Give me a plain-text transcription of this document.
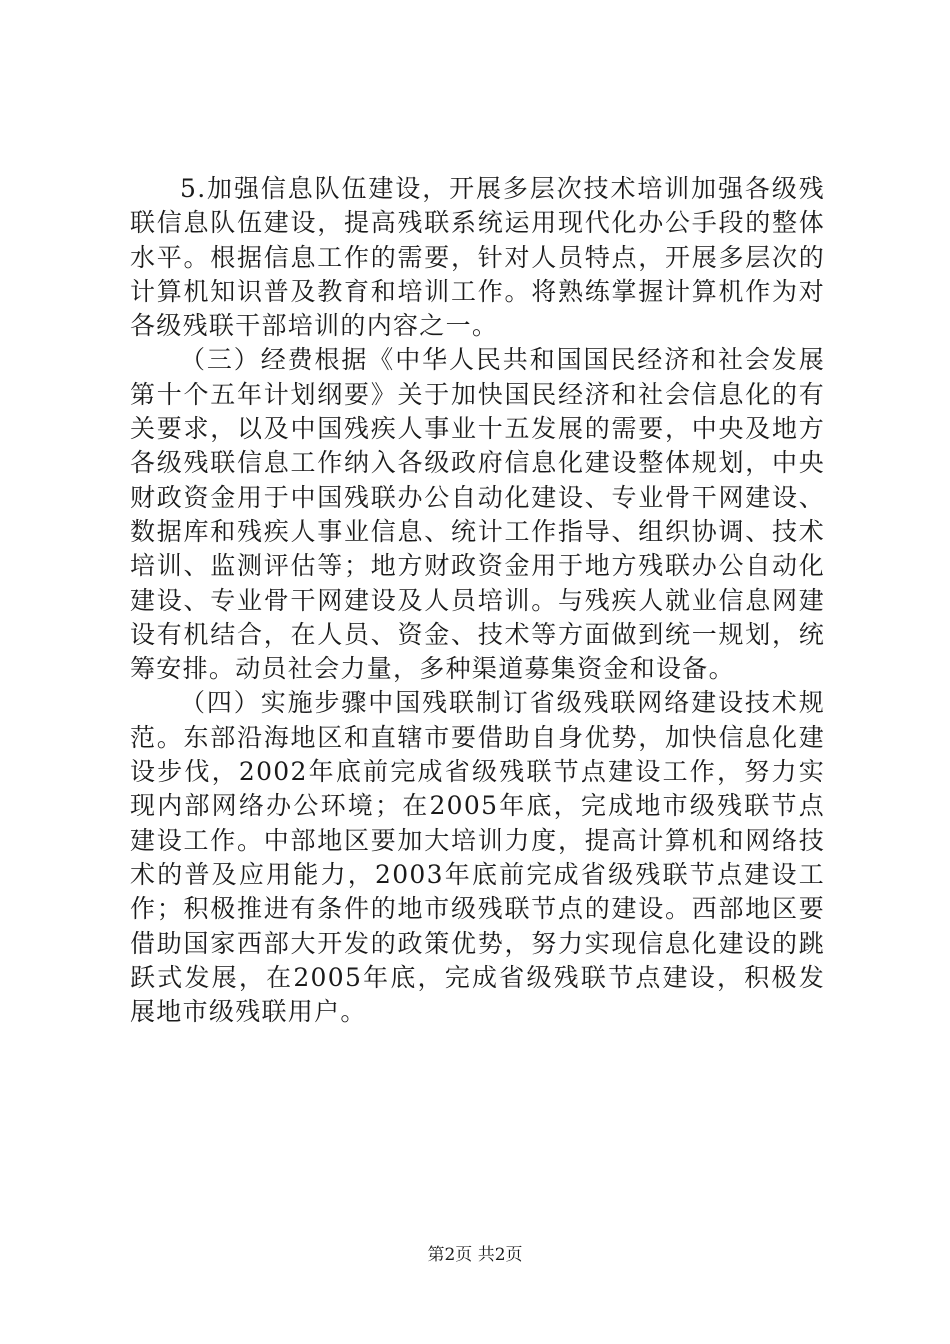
5.加强信息队伍建设，开展多层次技术培训加强各级残联信息队伍建设，提高残联系统运用现代化办公手段的整体水平。根据信息工作的需要，针对人员特点，开展多层次的计算机知识普及教育和培训工作。将熟练掌握计算机作为对各级残联干部培训的内容之一。

（三）经费根据《中华人民共和国国民经济和社会发展第十个五年计划纲要》关于加快国民经济和社会信息化的有关要求，以及中国残疾人事业十五发展的需要，中央及地方各级残联信息工作纳入各级政府信息化建设整体规划，中央财政资金用于中国残联办公自动化建设、专业骨干网建设、数据库和残疾人事业信息、统计工作指导、组织协调、技术培训、监测评估等；地方财政资金用于地方残联办公自动化建设、专业骨干网建设及人员培训。与残疾人就业信息网建设有机结合，在人员、资金、技术等方面做到统一规划，统筹安排。动员社会力量，多种渠道募集资金和设备。

（四）实施步骤中国残联制订省级残联网络建设技术规范。东部沿海地区和直辖市要借助自身优势，加快信息化建设步伐，2002年底前完成省级残联节点建设工作，努力实现内部网络办公环境；在2005年底，完成地市级残联节点建设工作。中部地区要加大培训力度，提高计算机和网络技术的普及应用能力，2003年底前完成省级残联节点建设工作；积极推进有条件的地市级残联节点的建设。西部地区要借助国家西部大开发的政策优势，努力实现信息化建设的跳跃式发展，在2005年底，完成省级残联节点建设，积极发展地市级残联用户。

第2页 共2页
